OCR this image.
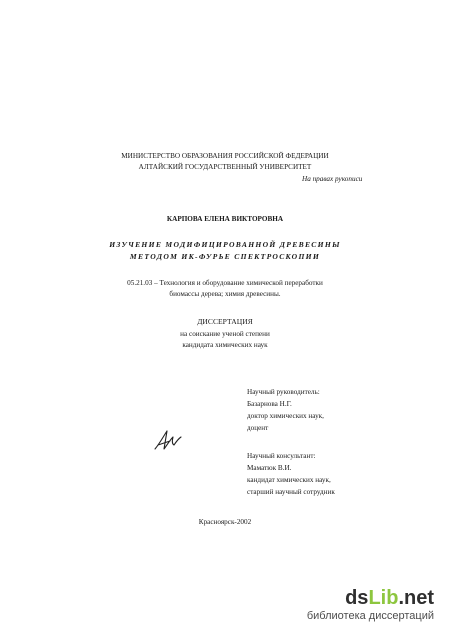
МИНИСТЕРСТВО ОБРАЗОВАНИЯ РОССИЙСКОЙ ФЕДЕРАЦИИ
АЛТАЙСКИЙ ГОСУДАРСТВЕННЫЙ УНИВЕРСИТЕТ
На правах рукописи
КАРПОВА ЕЛЕНА ВИКТОРОВНА
ИЗУЧЕНИЕ МОДИФИЦИРОВАННОЙ ДРЕВЕСИНЫ
МЕТОДОМ ИК-ФУРЬЕ СПЕКТРОСКОПИИ
05.21.03 – Технология и оборудование химической переработки
биомассы дерева; химия древесины.
ДИССЕРТАЦИЯ
на соискание ученой степени
кандидата химических наук
Научный руководитель:
Базарнова Н.Г.
доктор химических наук,
доцент
Научный консультант:
Маматюк В.И.
кандидат химических наук,
старший научный сотрудник
Красноярск-2002
dsLib.net
библиотека диссертаций
